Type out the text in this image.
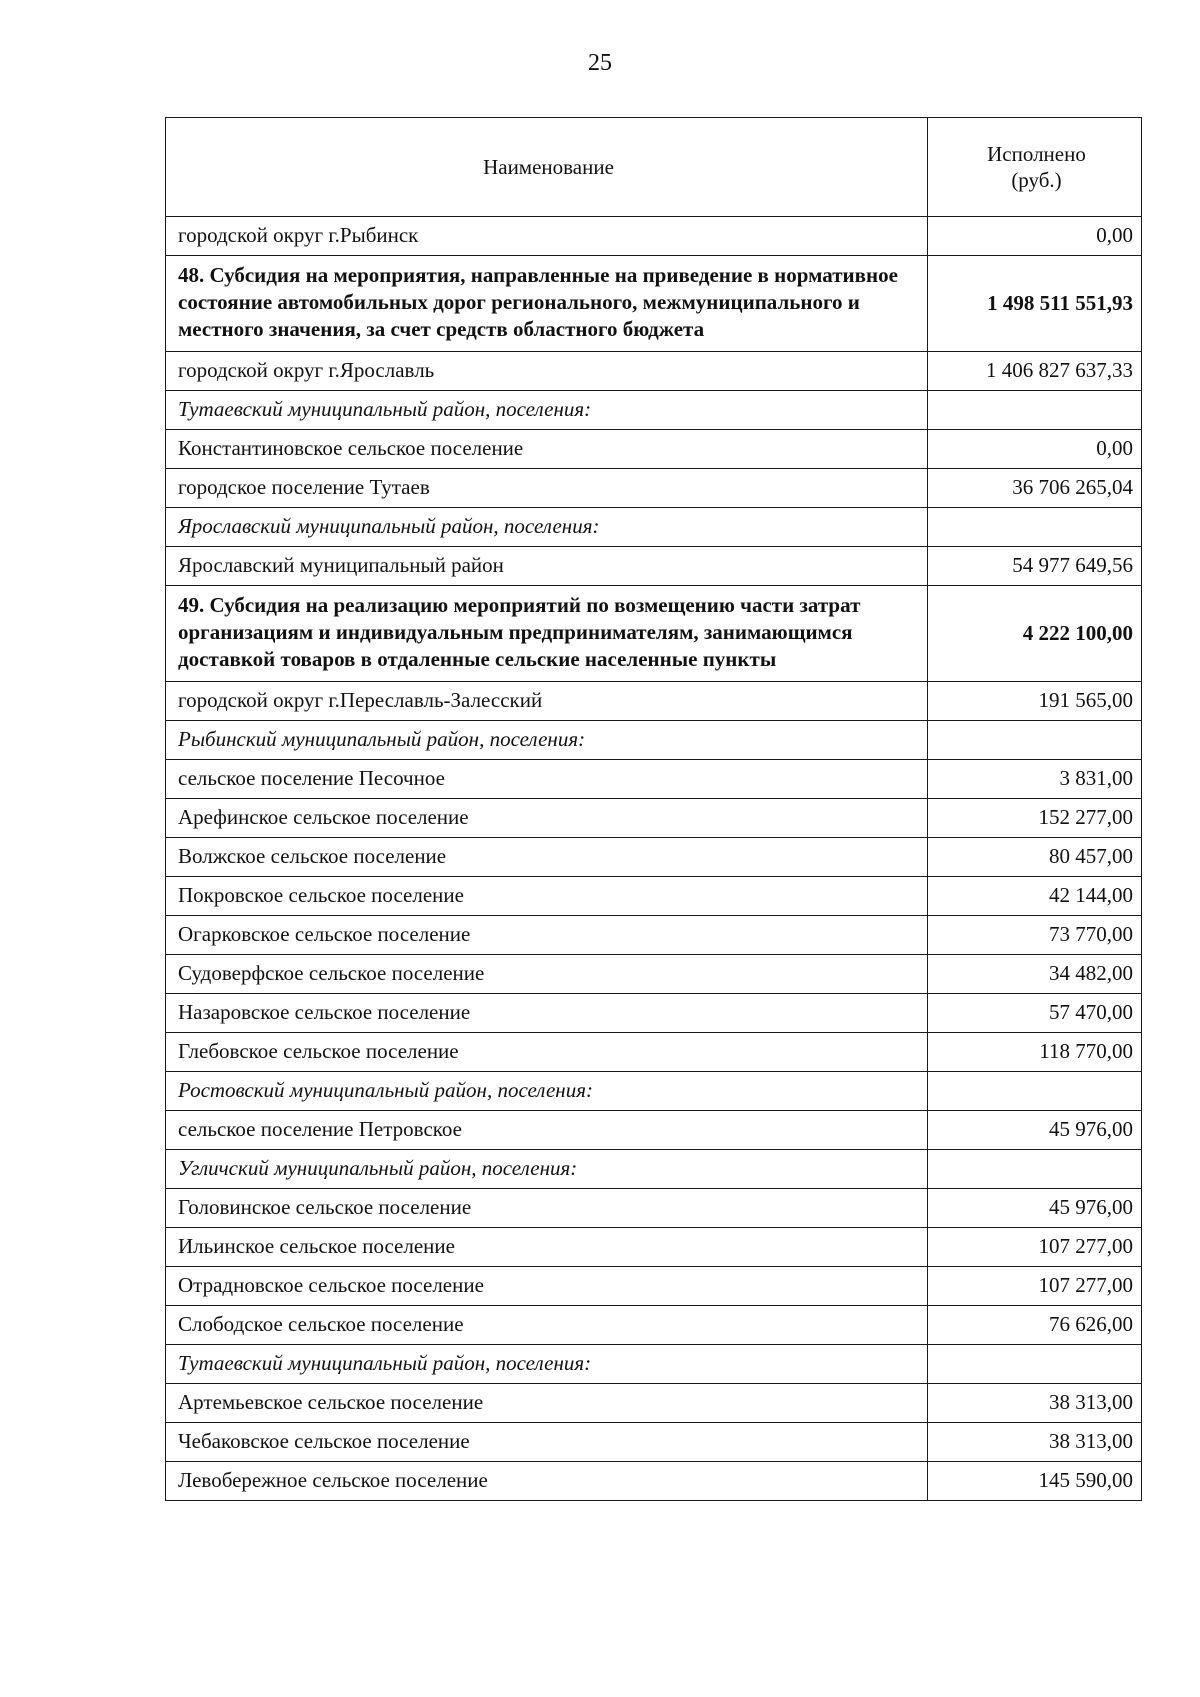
25
Наименование	Исполнено
(руб.)

городской округ г.Рыбинск	0,00
48. Субсидия на мероприятия, направленные на приведение в нормативное состояние автомобильных дорог регионального, межмуниципального и местного значения, за счет средств областного бюджета	1 498 511 551,93
городской округ г.Ярославль	1 406 827 637,33
Тутаевский муниципальный район, поселения:	
Константиновское сельское поселение	0,00
городское поселение Тутаев	36 706 265,04
Ярославский муниципальный район, поселения:	
Ярославский муниципальный район	54 977 649,56
49. Субсидия на реализацию мероприятий по возмещению части затрат организациям и индивидуальным предпринимателям, занимающимся доставкой товаров в отдаленные сельские населенные пункты	4 222 100,00
городской округ г.Переславль-Залесский	191 565,00
Рыбинский муниципальный район, поселения:	
сельское поселение Песочное	3 831,00
Арефинское сельское поселение	152 277,00
Волжское сельское поселение	80 457,00
Покровское сельское поселение	42 144,00
Огарковское сельское поселение	73 770,00
Судоверфское сельское поселение	34 482,00
Назаровское сельское поселение	57 470,00
Глебовское сельское поселение	118 770,00
Ростовский муниципальный район, поселения:	
сельское поселение Петровское	45 976,00
Угличский муниципальный район, поселения:	
Головинское сельское поселение	45 976,00
Ильинское сельское поселение	107 277,00
Отрадновское сельское поселение	107 277,00
Слободское сельское поселение	76 626,00
Тутаевский муниципальный район, поселения:	
Артемьевское сельское поселение	38 313,00
Чебаковское сельское поселение	38 313,00
Левобережное сельское поселение	145 590,00
